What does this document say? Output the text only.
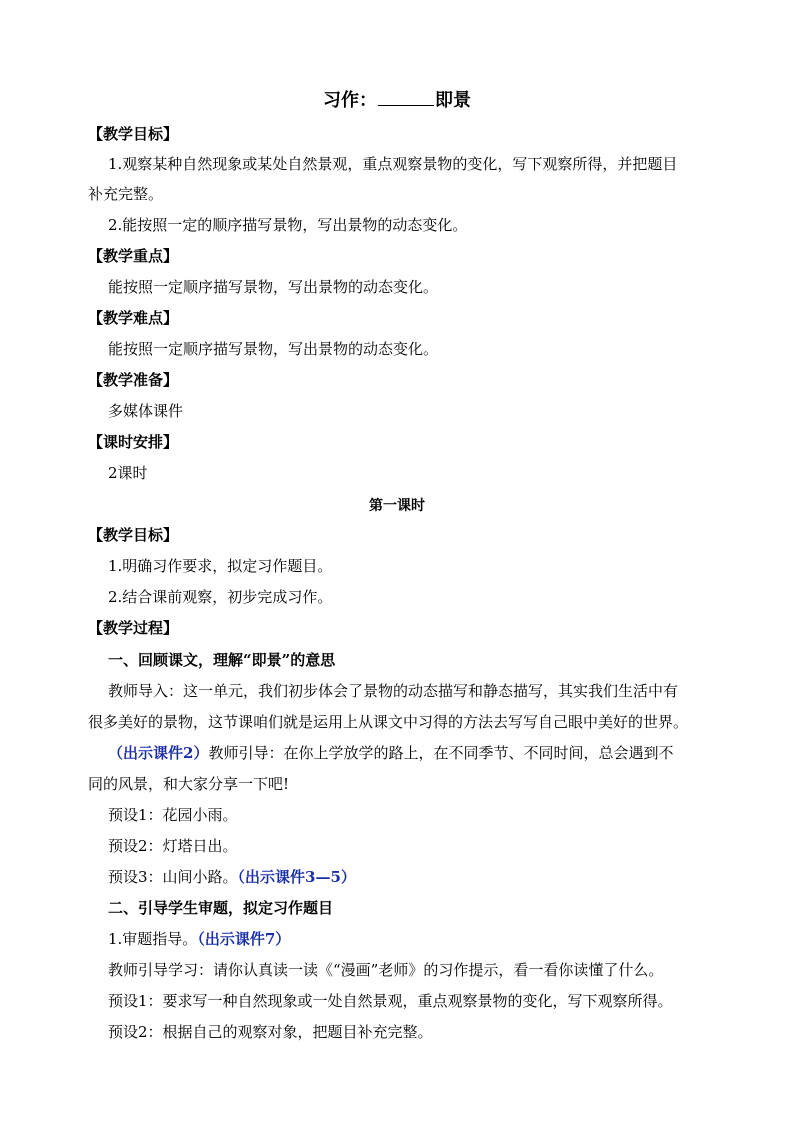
习作：	即景
【教学目标】
1.观察某种自然现象或某处自然景观，重点观察景物的变化，写下观察所得，并把题目
补充完整。
2.能按照一定的顺序描写景物，写出景物的动态变化。
【教学重点】
能按照一定顺序描写景物，写出景物的动态变化。
【教学难点】
能按照一定顺序描写景物，写出景物的动态变化。
【教学准备】
多媒体课件
【课时安排】
2课时
第一课时
【教学目标】
1.明确习作要求，拟定习作题目。
2.结合课前观察，初步完成习作。
【教学过程】
一、回顾课文，理解“即景”的意思
教师导入：这一单元，我们初步体会了景物的动态描写和静态描写，其实我们生活中有
很多美好的景物，这节课咱们就是运用上从课文中习得的方法去写写自己眼中美好的世界。
（出示课件2）教师引导：在你上学放学的路上，在不同季节、不同时间，总会遇到不
同的风景，和大家分享一下吧!
预设1：花园小雨。
预设2：灯塔日出。
预设3：山间小路。（出示课件3—5）
二、引导学生审题，拟定习作题目
1.审题指导。（出示课件7）
教师引导学习：请你认真读一读《“漫画”老师》的习作提示，看一看你读懂了什么。
预设1：要求写一种自然现象或一处自然景观，重点观察景物的变化，写下观察所得。
预设2：根据自己的观察对象，把题目补充完整。
